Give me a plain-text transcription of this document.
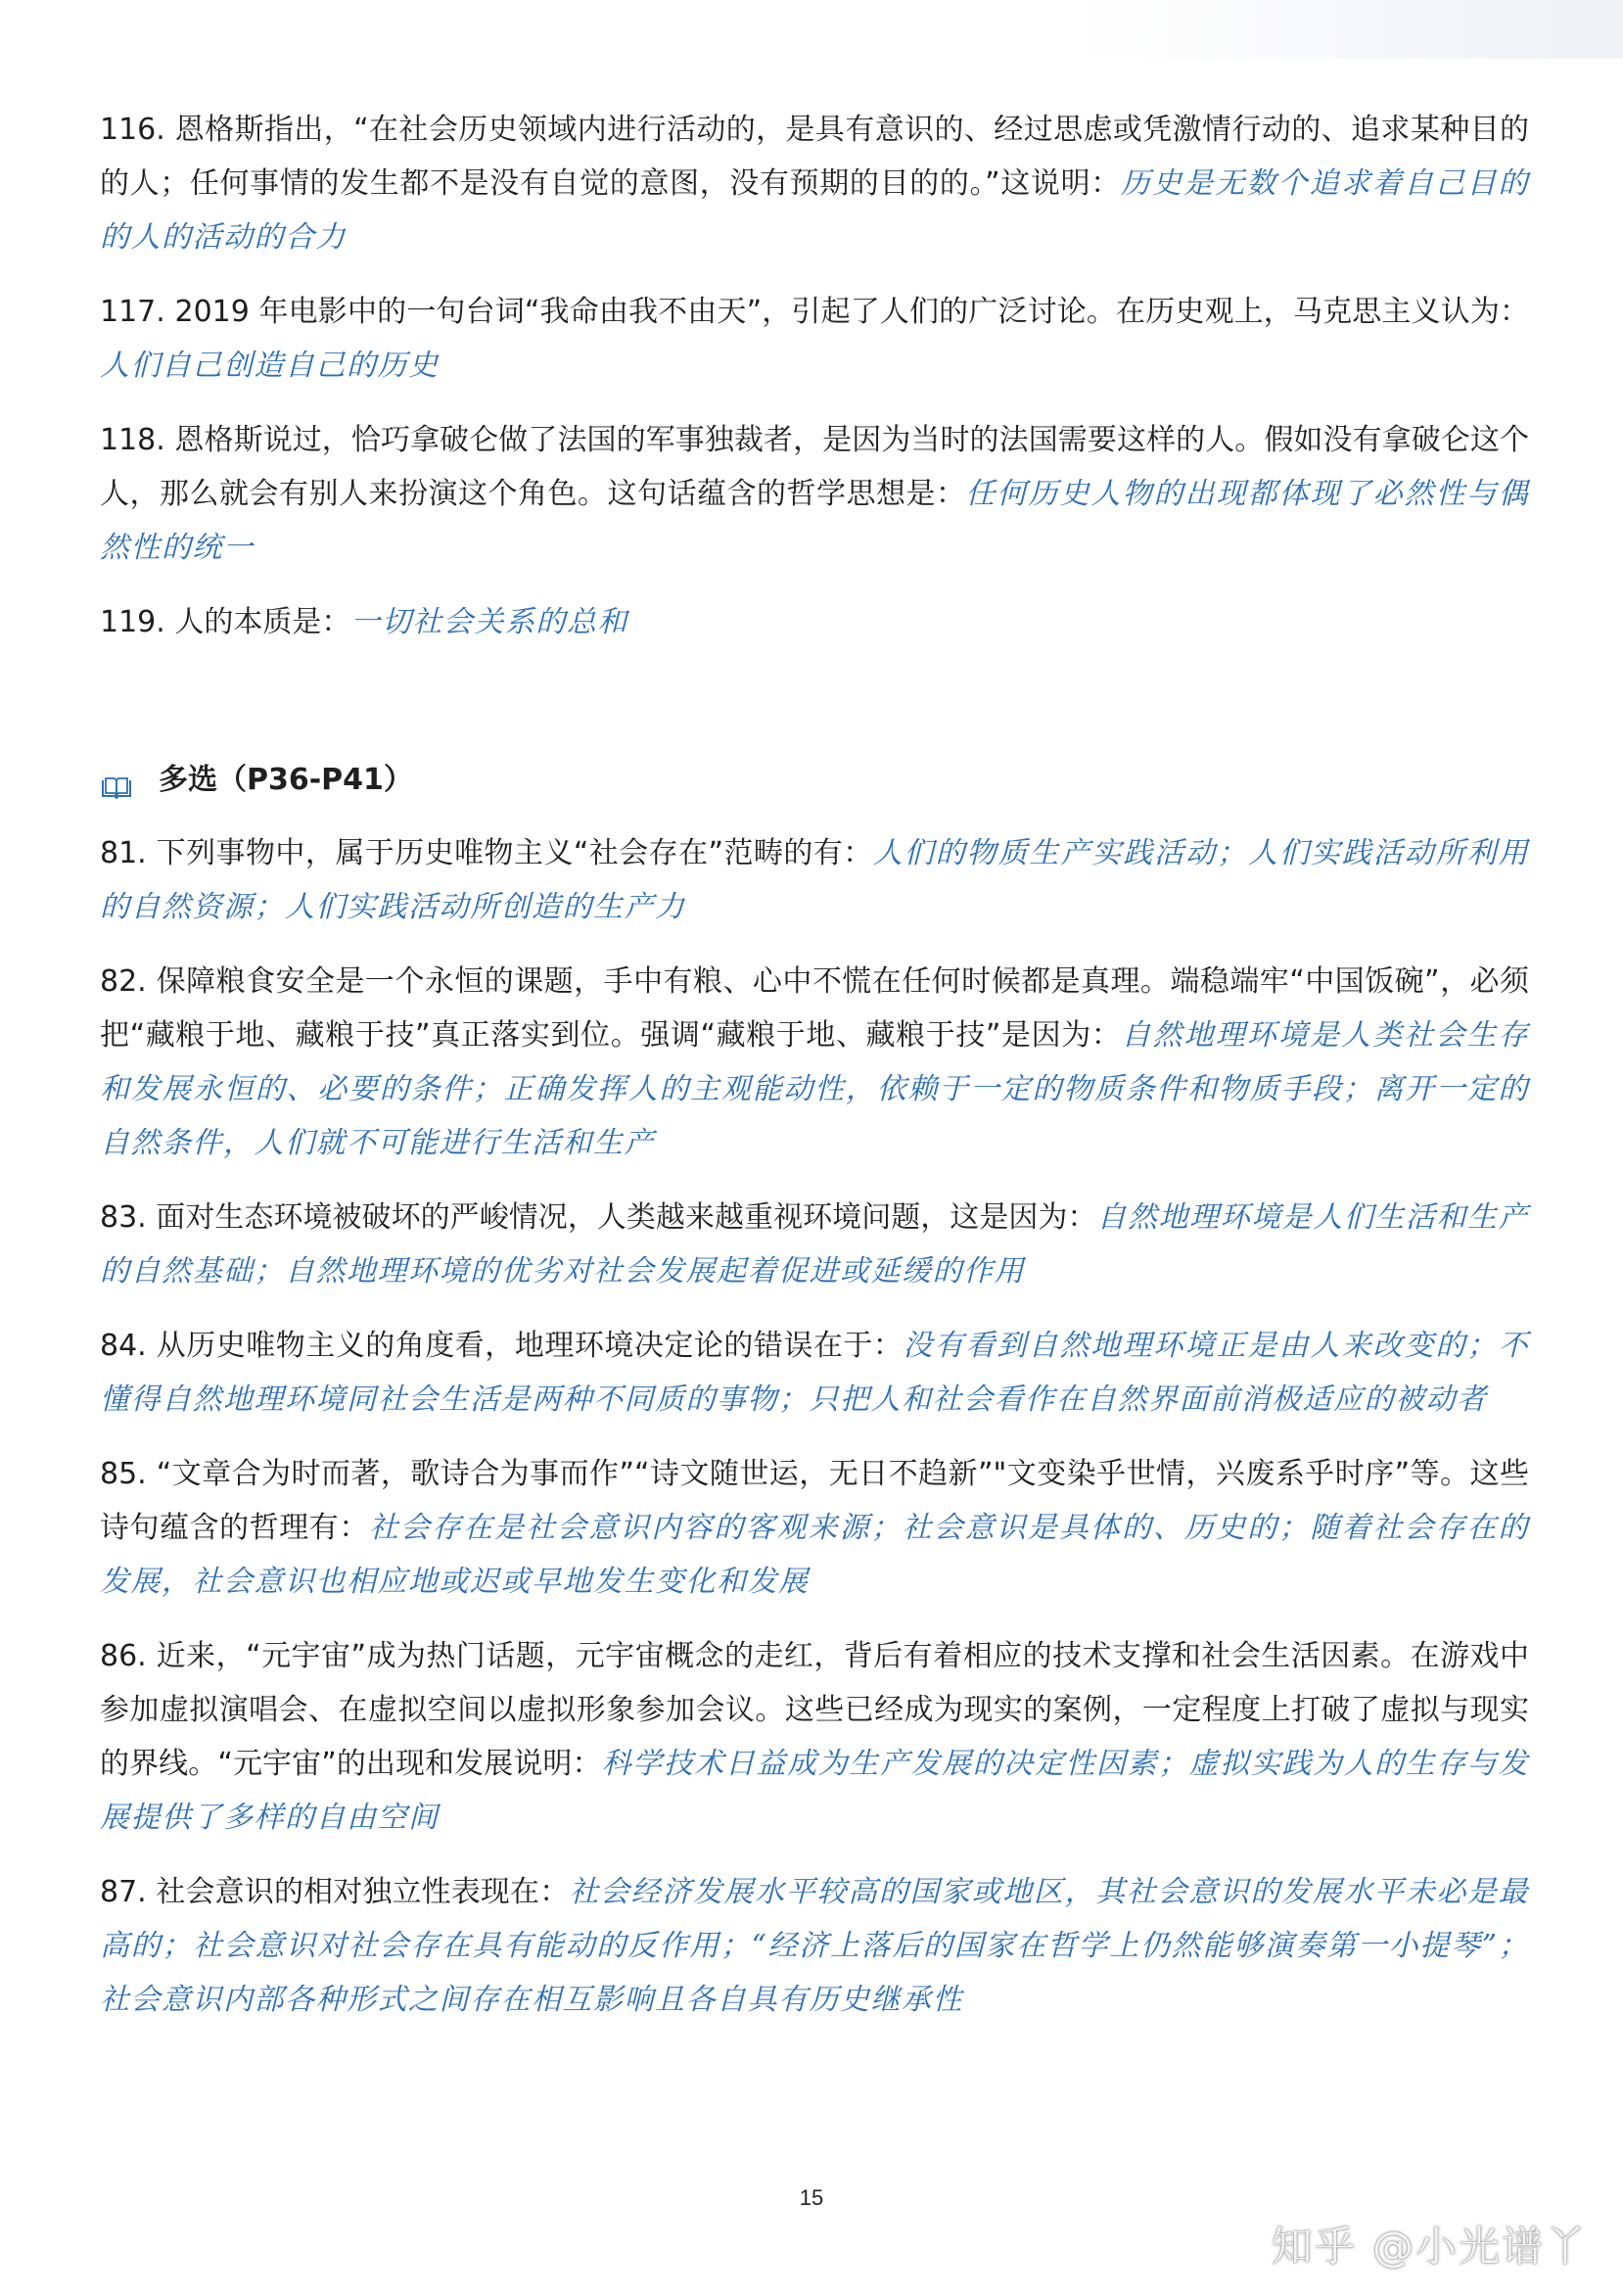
116. 恩格斯指出，“在社会历史领域内进行活动的，是具有意识的、经过思虑或凭激情行动的、追求某种目的的人；任何事情的发生都不是没有自觉的意图，没有预期的目的的。”这说明：历史是无数个追求着自己目的的人的活动的合力

117. 2019 年电影中的一句台词“我命由我不由天”，引起了人们的广泛讨论。在历史观上，马克思主义认为：人们自己创造自己的历史

118. 恩格斯说过，恰巧拿破仑做了法国的军事独裁者，是因为当时的法国需要这样的人。假如没有拿破仑这个人，那么就会有别人来扮演这个角色。这句话蕴含的哲学思想是：任何历史人物的出现都体现了必然性与偶然性的统一

119. 人的本质是：一切社会关系的总和

多选（P36-P41）

81. 下列事物中，属于历史唯物主义“社会存在”范畴的有：人们的物质生产实践活动；人们实践活动所利用的自然资源；人们实践活动所创造的生产力

82. 保障粮食安全是一个永恒的课题，手中有粮、心中不慌在任何时候都是真理。端稳端牢“中国饭碗”，必须把“藏粮于地、藏粮于技”真正落实到位。强调“藏粮于地、藏粮于技”是因为：自然地理环境是人类社会生存和发展永恒的、必要的条件；正确发挥人的主观能动性，依赖于一定的物质条件和物质手段；离开一定的自然条件，人们就不可能进行生活和生产

83. 面对生态环境被破坏的严峻情况，人类越来越重视环境问题，这是因为：自然地理环境是人们生活和生产的自然基础；自然地理环境的优劣对社会发展起着促进或延缓的作用

84. 从历史唯物主义的角度看，地理环境决定论的错误在于：没有看到自然地理环境正是由人来改变的；不懂得自然地理环境同社会生活是两种不同质的事物；只把人和社会看作在自然界面前消极适应的被动者

85. “文章合为时而著，歌诗合为事而作”“诗文随世运，无日不趋新”"文变染乎世情，兴废系乎时序”等。这些诗句蕴含的哲理有：社会存在是社会意识内容的客观来源；社会意识是具体的、历史的；随着社会存在的发展，社会意识也相应地或迟或早地发生变化和发展

86. 近来，“元宇宙”成为热门话题，元宇宙概念的走红，背后有着相应的技术支撑和社会生活因素。在游戏中参加虚拟演唱会、在虚拟空间以虚拟形象参加会议。这些已经成为现实的案例，一定程度上打破了虚拟与现实的界线。“元宇宙”的出现和发展说明：科学技术日益成为生产发展的决定性因素；虚拟实践为人的生存与发展提供了多样的自由空间

87. 社会意识的相对独立性表现在：社会经济发展水平较高的国家或地区，其社会意识的发展水平未必是最高的；社会意识对社会存在具有能动的反作用；“经济上落后的国家在哲学上仍然能够演奏第一小提琴”；社会意识内部各种形式之间存在相互影响且各自具有历史继承性

15
知乎 @小光谱丫
